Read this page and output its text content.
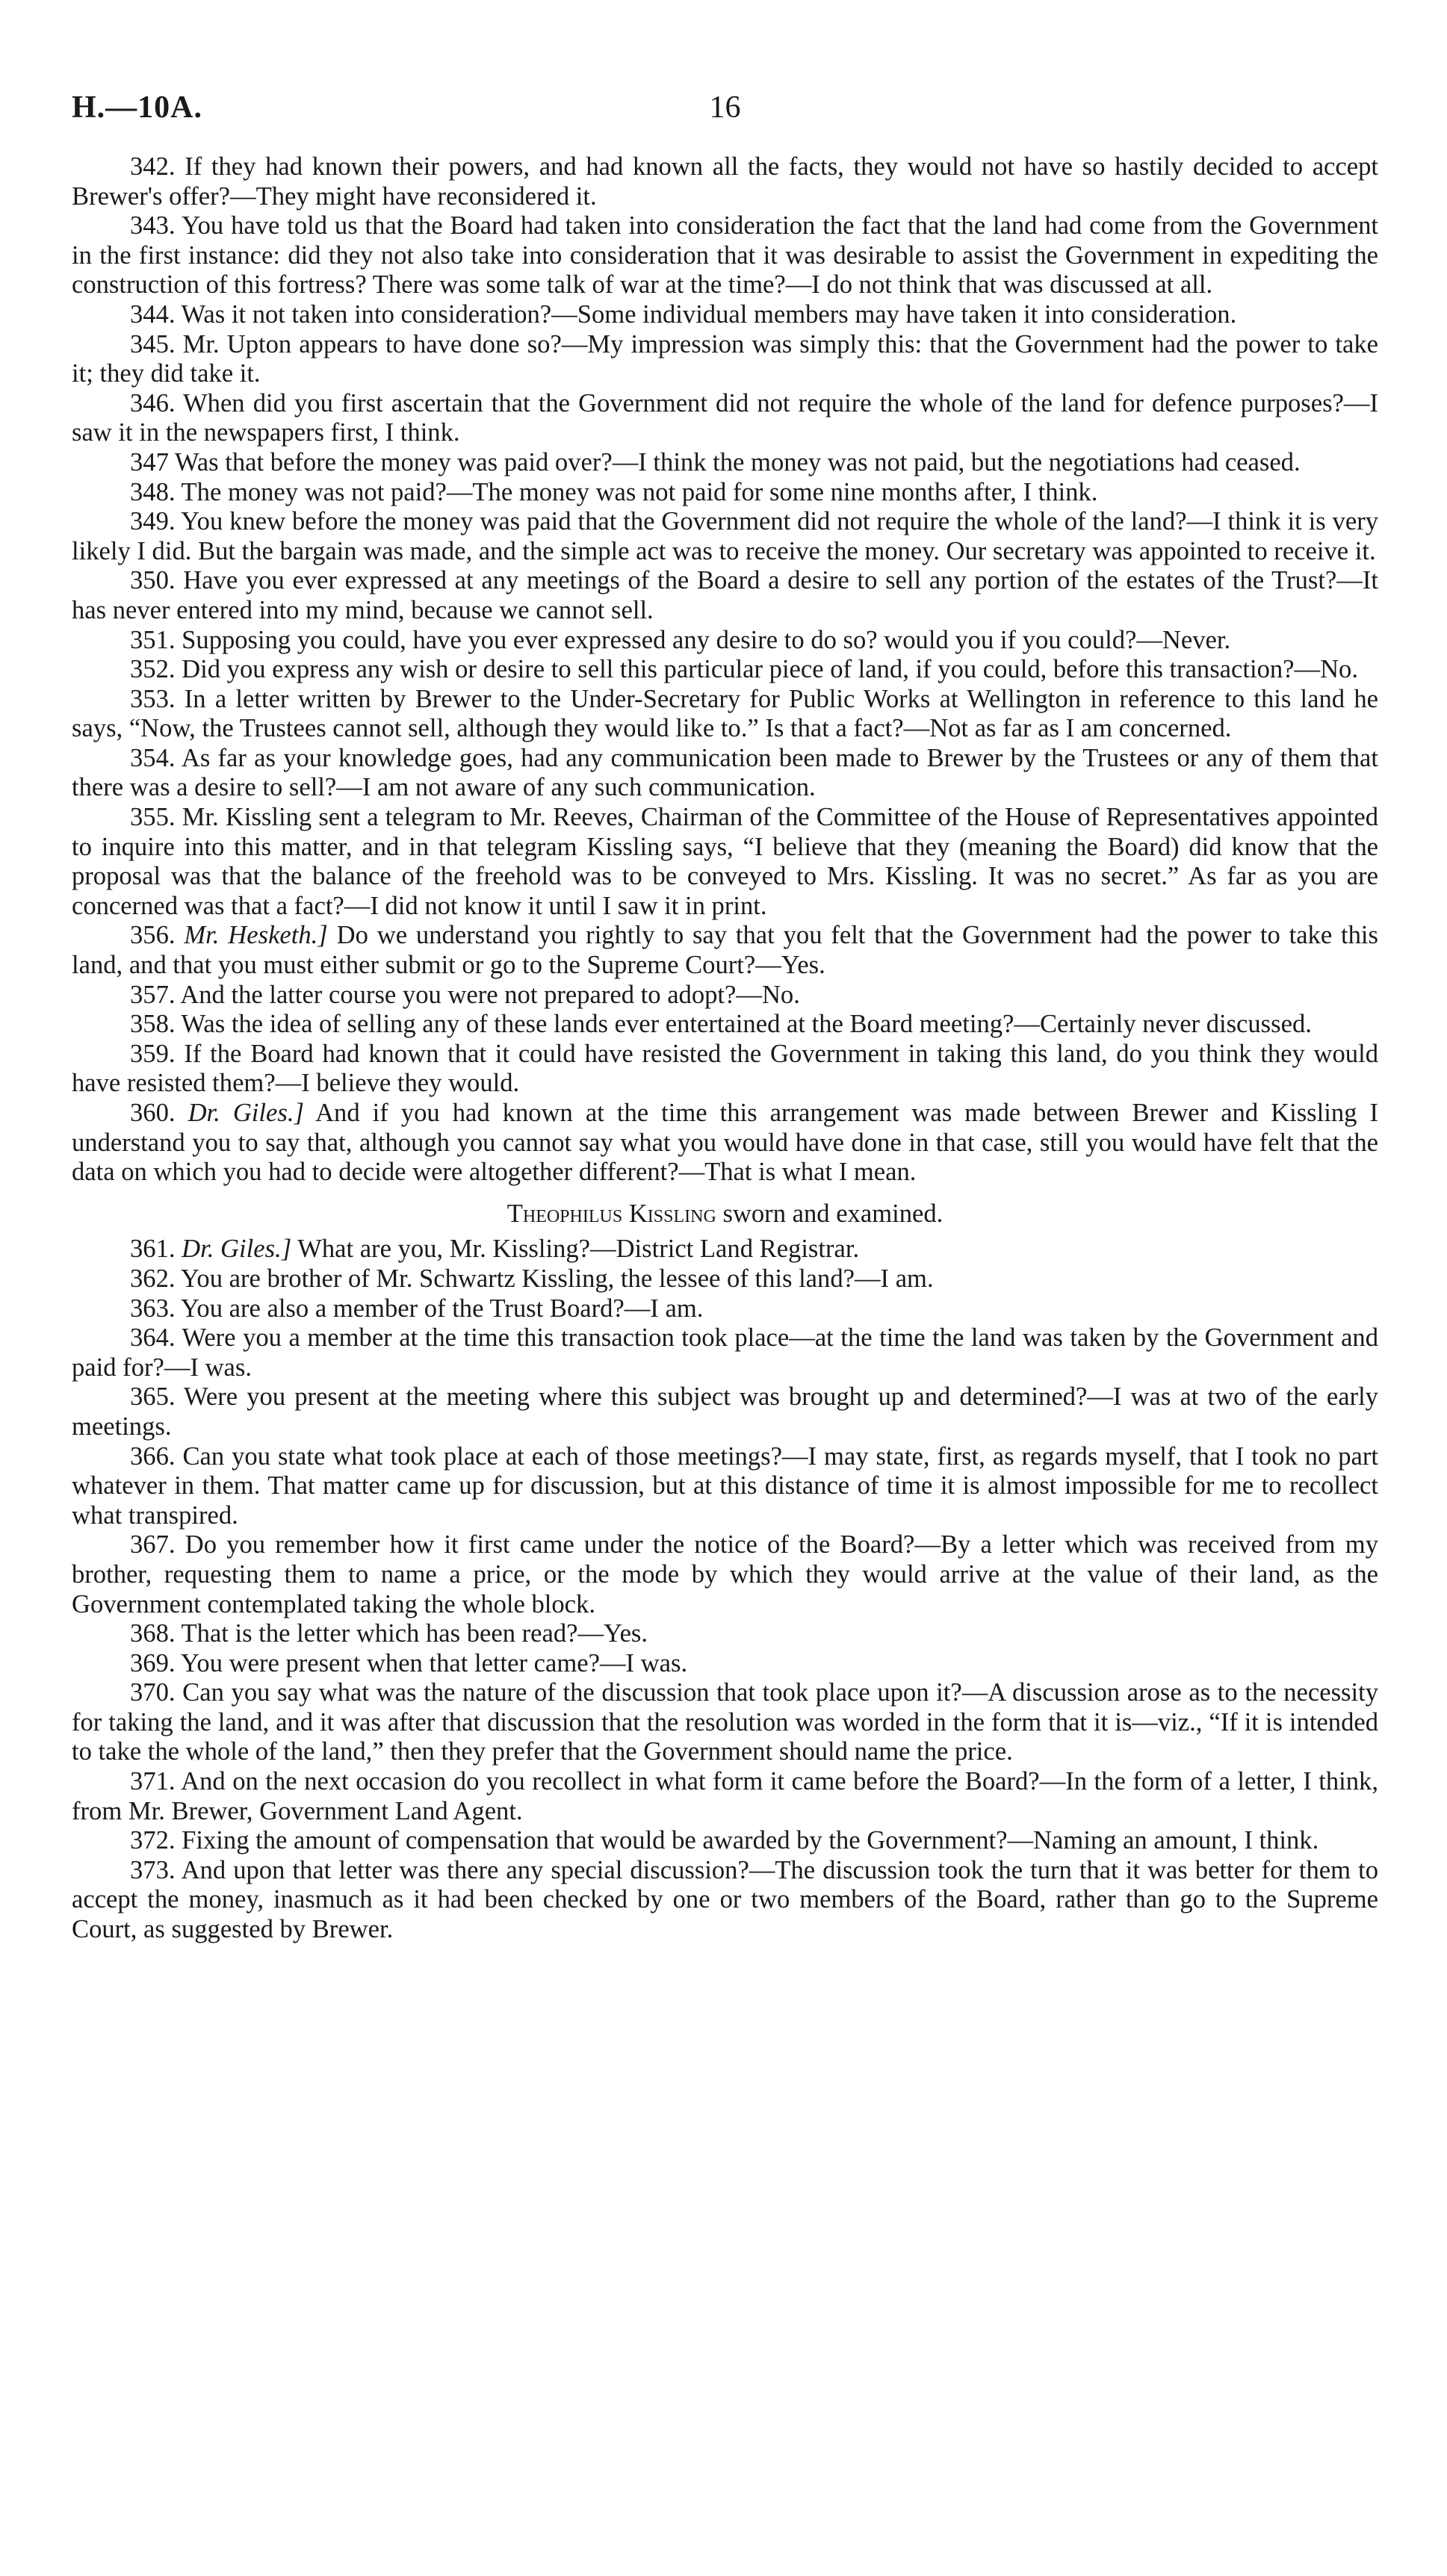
H.—10A.	16

342. If they had known their powers, and had known all the facts, they would not have so hastily decided to accept Brewer's offer?—They might have reconsidered it.

343. You have told us that the Board had taken into consideration the fact that the land had come from the Government in the first instance: did they not also take into consideration that it was desirable to assist the Government in expediting the construction of this fortress? There was some talk of war at the time?—I do not think that was discussed at all.

344. Was it not taken into consideration?—Some individual members may have taken it into consideration.

345. Mr. Upton appears to have done so?—My impression was simply this: that the Government had the power to take it; they did take it.

346. When did you first ascertain that the Government did not require the whole of the land for defence purposes?—I saw it in the newspapers first, I think.

347 Was that before the money was paid over?—I think the money was not paid, but the negotiations had ceased.

348. The money was not paid?—The money was not paid for some nine months after, I think.

349. You knew before the money was paid that the Government did not require the whole of the land?—I think it is very likely I did. But the bargain was made, and the simple act was to receive the money. Our secretary was appointed to receive it.

350. Have you ever expressed at any meetings of the Board a desire to sell any portion of the estates of the Trust?—It has never entered into my mind, because we cannot sell.

351. Supposing you could, have you ever expressed any desire to do so? would you if you could?—Never.

352. Did you express any wish or desire to sell this particular piece of land, if you could, before this transaction?—No.

353. In a letter written by Brewer to the Under-Secretary for Public Works at Wellington in reference to this land he says, “Now, the Trustees cannot sell, although they would like to.” Is that a fact?—Not as far as I am concerned.

354. As far as your knowledge goes, had any communication been made to Brewer by the Trustees or any of them that there was a desire to sell?—I am not aware of any such communication.

355. Mr. Kissling sent a telegram to Mr. Reeves, Chairman of the Committee of the House of Representatives appointed to inquire into this matter, and in that telegram Kissling says, “I believe that they (meaning the Board) did know that the proposal was that the balance of the freehold was to be conveyed to Mrs. Kissling. It was no secret.” As far as you are concerned was that a fact?—I did not know it until I saw it in print.

356. Mr. Hesketh.] Do we understand you rightly to say that you felt that the Government had the power to take this land, and that you must either submit or go to the Supreme Court?—Yes.

357. And the latter course you were not prepared to adopt?—No.

358. Was the idea of selling any of these lands ever entertained at the Board meeting?—Certainly never discussed.

359. If the Board had known that it could have resisted the Government in taking this land, do you think they would have resisted them?—I believe they would.

360. Dr. Giles.] And if you had known at the time this arrangement was made between Brewer and Kissling I understand you to say that, although you cannot say what you would have done in that case, still you would have felt that the data on which you had to decide were altogether different?—That is what I mean.

Theophilus Kissling sworn and examined.

361. Dr. Giles.] What are you, Mr. Kissling?—District Land Registrar.

362. You are brother of Mr. Schwartz Kissling, the lessee of this land?—I am.

363. You are also a member of the Trust Board?—I am.

364. Were you a member at the time this transaction took place—at the time the land was taken by the Government and paid for?—I was.

365. Were you present at the meeting where this subject was brought up and determined?—I was at two of the early meetings.

366. Can you state what took place at each of those meetings?—I may state, first, as regards myself, that I took no part whatever in them. That matter came up for discussion, but at this distance of time it is almost impossible for me to recollect what transpired.

367. Do you remember how it first came under the notice of the Board?—By a letter which was received from my brother, requesting them to name a price, or the mode by which they would arrive at the value of their land, as the Government contemplated taking the whole block.

368. That is the letter which has been read?—Yes.

369. You were present when that letter came?—I was.

370. Can you say what was the nature of the discussion that took place upon it?—A discussion arose as to the necessity for taking the land, and it was after that discussion that the resolution was worded in the form that it is—viz., “If it is intended to take the whole of the land,” then they prefer that the Government should name the price.

371. And on the next occasion do you recollect in what form it came before the Board?—In the form of a letter, I think, from Mr. Brewer, Government Land Agent.

372. Fixing the amount of compensation that would be awarded by the Government?—Naming an amount, I think.

373. And upon that letter was there any special discussion?—The discussion took the turn that it was better for them to accept the money, inasmuch as it had been checked by one or two members of the Board, rather than go to the Supreme Court, as suggested by Brewer.
